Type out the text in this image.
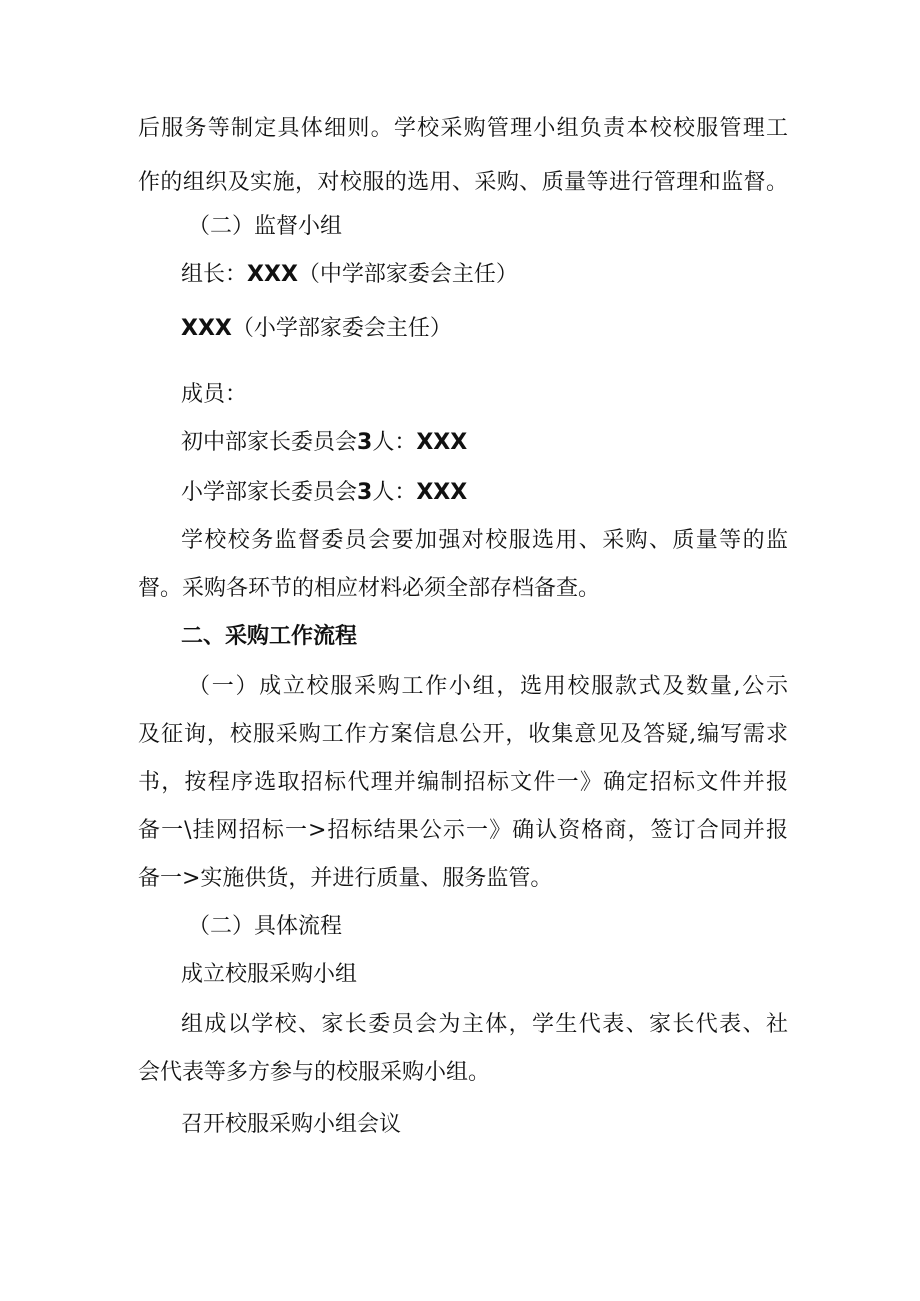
后服务等制定具体细则。学校采购管理小组负责本校校服管理工
作的组织及实施，对校服的选用、采购、质量等进行管理和监督。
（二）监督小组
组长：XXX（中学部家委会主任）
XXX（小学部家委会主任）
成员：
初中部家长委员会3人：XXX
小学部家长委员会3人：XXX
学校校务监督委员会要加强对校服选用、采购、质量等的监
督。采购各环节的相应材料必须全部存档备查。
二、采购工作流程
（一）成立校服采购工作小组，选用校服款式及数量,公示
及征询，校服采购工作方案信息公开，收集意见及答疑,编写需求
书，按程序选取招标代理并编制招标文件一》确定招标文件并报
备一\挂网招标一>招标结果公示一》确认资格商，签订合同并报
备一>实施供货，并进行质量、服务监管。
（二）具体流程
成立校服采购小组
组成以学校、家长委员会为主体，学生代表、家长代表、社
会代表等多方参与的校服采购小组。
召开校服采购小组会议
